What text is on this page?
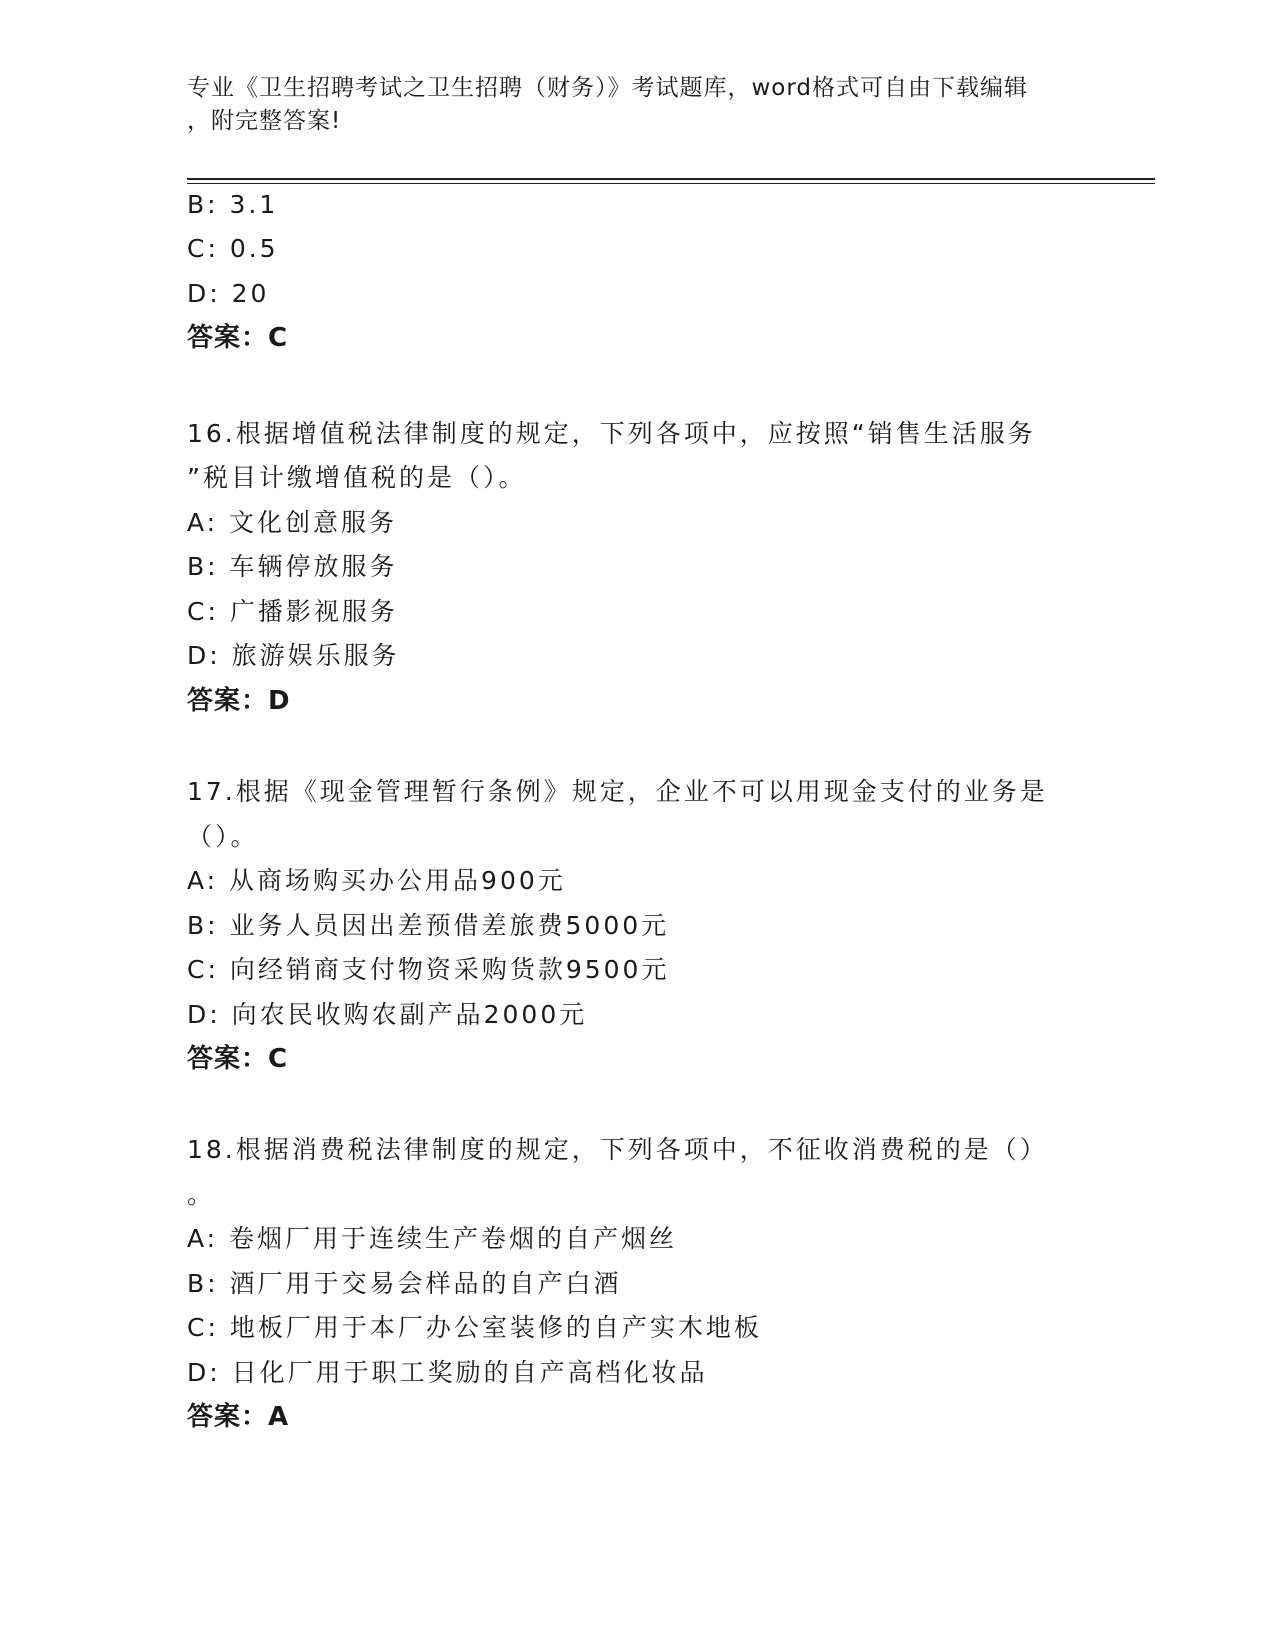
专业《卫生招聘考试之卫生招聘（财务）》考试题库，word格式可自由下载编辑
，附完整答案!
B: 3.1
C: 0.5
D: 20
答案：C
16.根据增值税法律制度的规定，下列各项中，应按照“销售生活服务
”税目计缴增值税的是（）。
A: 文化创意服务
B: 车辆停放服务
C: 广播影视服务
D: 旅游娱乐服务
答案：D
17.根据《现金管理暂行条例》规定，企业不可以用现金支付的业务是
（）。
A: 从商场购买办公用品900元
B: 业务人员因出差预借差旅费5000元
C: 向经销商支付物资采购货款9500元
D: 向农民收购农副产品2000元
答案：C
18.根据消费税法律制度的规定，下列各项中，不征收消费税的是（）
。
A: 卷烟厂用于连续生产卷烟的自产烟丝
B: 酒厂用于交易会样品的自产白酒
C: 地板厂用于本厂办公室装修的自产实木地板
D: 日化厂用于职工奖励的自产高档化妆品
答案：A
